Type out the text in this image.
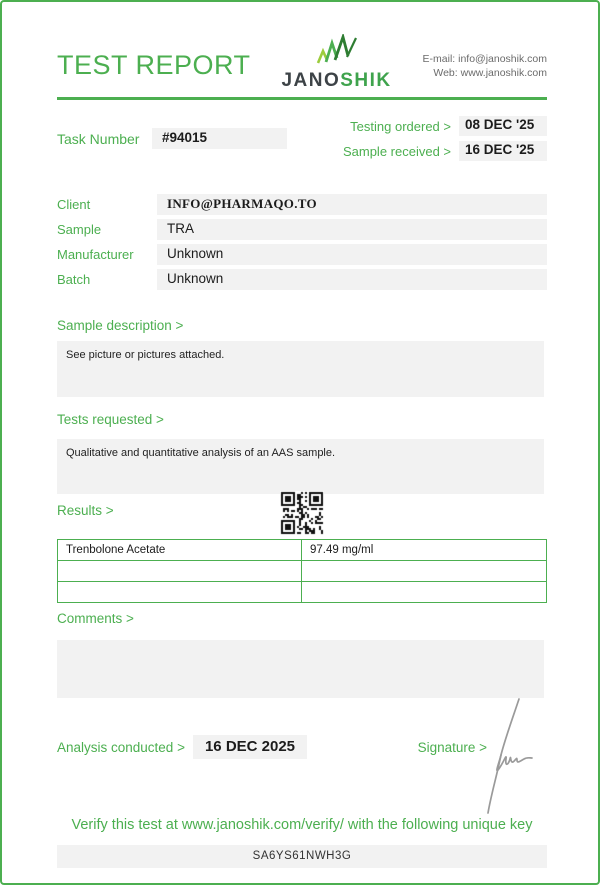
TEST REPORT
JANOSHIK
E-mail: info@janoshik.com
Web: www.janoshik.com
Task Number	#94015
Testing ordered >	08 DEC '25
Sample received >	16 DEC '25
Client	INFO@PHARMAQO.TO
Sample	TRA
Manufacturer	Unknown
Batch	Unknown
Sample description >
See picture or pictures attached.
Tests requested >
Qualitative and quantitative analysis of an AAS sample.
Results >
Trenbolone Acetate	97.49 mg/ml

Comments >
Analysis conducted >	16 DEC 2025	Signature >
Verify this test at www.janoshik.com/verify/ with the following unique key
SA6YS61NWH3G
